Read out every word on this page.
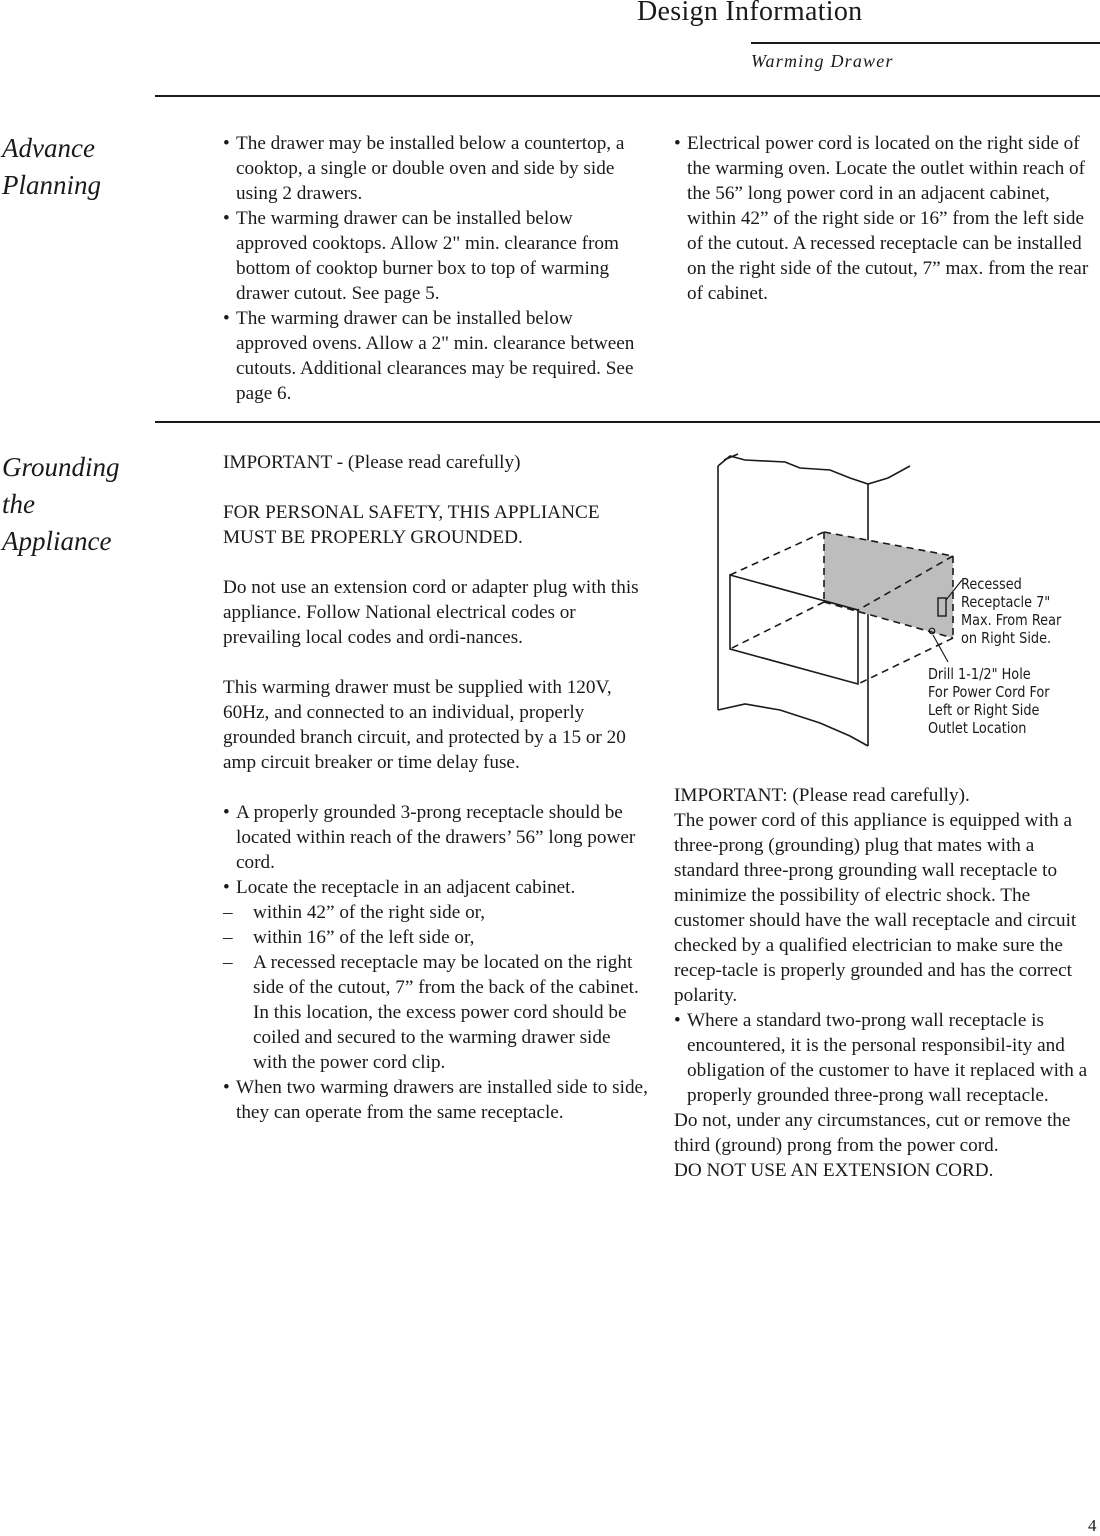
Design Information
Warming Drawer
Advance
Planning
• The drawer may be installed below a countertop, a cooktop, a single or double oven and side by side using 2 drawers.
• The warming drawer can be installed below approved cooktops. Allow 2" min. clearance from bottom of cooktop burner box to top of warming drawer cutout. See page 5.
• The warming drawer can be installed below approved ovens. Allow a 2" min. clearance between cutouts. Additional clearances may be required. See page 6.
• Electrical power cord is located on the right side of the warming oven. Locate the outlet within reach of the 56” long power cord in an adjacent cabinet, within 42” of the right side or 16” from the left side of the cutout. A recessed receptacle can be installed on the right side of the cutout, 7” max. from the rear of cabinet.
Grounding
the
Appliance

IMPORTANT - (Please read carefully)

FOR PERSONAL SAFETY, THIS APPLIANCE MUST BE PROPERLY GROUNDED.

Do not use an extension cord or adapter plug with this appliance. Follow National electrical codes or prevailing local codes and ordi-nances.

This warming drawer must be supplied with 120V, 60Hz, and connected to an individual, properly grounded branch circuit, and protected by a 15 or 20 amp circuit breaker or time delay fuse.

• A properly grounded 3-prong receptacle should be located within reach of the drawers’ 56” long power cord.
• Locate the receptacle in an adjacent cabinet.
– within 42” of the right side or,
– within 16” of the left side or,
– A recessed receptacle may be located on the right side of the cutout, 7” from the back of the cabinet. In this location, the excess power cord should be coiled and secured to the warming drawer side with the power cord clip.
• When two warming drawers are installed side to side, they can operate from the same receptacle.
Recessed Receptacle 7" Max. From Rear on Right Side.
Drill 1-1/2" Hole For Power Cord For Left or Right Side Outlet Location

IMPORTANT: (Please read carefully).

The power cord of this appliance is equipped with a three-prong (grounding) plug that mates with a standard three-prong grounding wall receptacle to minimize the possibility of electric shock. The customer should have the wall receptacle and circuit checked by a qualified electrician to make sure the recep-tacle is properly grounded and has the correct polarity.

• Where a standard two-prong wall receptacle is encountered, it is the personal responsibil-ity and obligation of the customer to have it replaced with a properly grounded three-prong wall receptacle.

Do not, under any circumstances, cut or remove the third (ground) prong from the power cord.

DO NOT USE AN EXTENSION CORD.

4
